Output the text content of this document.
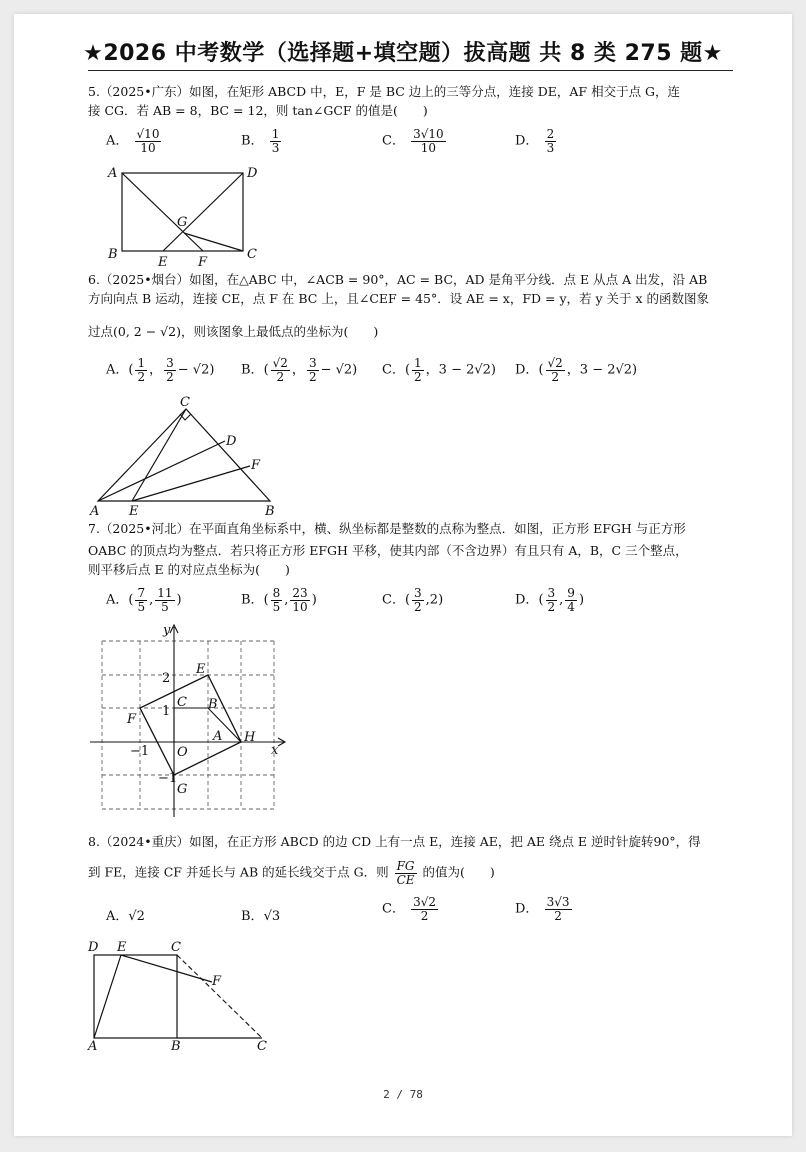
★2026 中考数学（选择题+填空题）拔高题 共 8 类 275 题★
5.（2025•广东）如图，在矩形 ABCD 中，E，F 是 BC 边上的三等分点，连接 DE，AF 相交于点 G，连
接 CG．若 AB = 8，BC = 12，则 tan∠GCF 的值是(　　)
A． $\frac{√10}{10}$	B． $\frac{1}{3}$	C． $\frac{3√10}{10}$	D． $\frac{2}{3}$
A	D
B	C
E F
G
6.（2025•烟台）如图，在△ABC 中，∠ACB = 90°，AC = BC，AD 是角平分线．点 E 从点 A 出发，沿 AB
方向向点 B 运动，连接 CE，点 F 在 BC 上，且∠CEF = 45°．设 AE = x，FD = y，若 y 关于 x 的函数图象
过点(0, 2 − √2)，则该图象上最低点的坐标为(　　)
A．( $\frac{1}{2}$ ， $\frac{3}{2} - √2$) B．( $\frac{√2}{2}$ ， $\frac{3}{2} - √2$) C．( $\frac{1}{2}$ ，3 − 2√2) D．( $\frac{√2}{2}$ ，3 − 2√2)
C
D
F
A E	B
7.（2025•河北）在平面直角坐标系中，横、纵坐标都是整数的点称为整点．如图，正方形 EFGH 与正方形
OABC 的顶点均为整点．若只将正方形 EFGH 平移，使其内部（不含边界）有且只有 A，B，C 三个整点，
则平移后点 E 的对应点坐标为(　　)
A．( $\frac{7}{5}$ , $\frac{11}{5}$ )	B．( $\frac{8}{5}$ , $\frac{23}{10}$ )	C．( $\frac{3}{2} ,2$)	D．( $\frac{3}{2}$ , $\frac{9}{4}$ )
x
y
2
1
−1
−1
O
A
B
C
E
F
G
H
8.（2024•重庆）如图，在正方形 ABCD 的边 CD 上有一点 E，连接 AE，把 AE 绕点 E 逆时针旋转90°，得
到 FE，连接 CF 并延长与 AB 的延长线交于点 G．则 $\frac{FG}{CE}$ 的值为(　　)
A．√2	B．√3	C． $\frac{3√2}{2}$	D． $\frac{3√3}{2}$
D E	C
F
A	B	C
2 / 78
